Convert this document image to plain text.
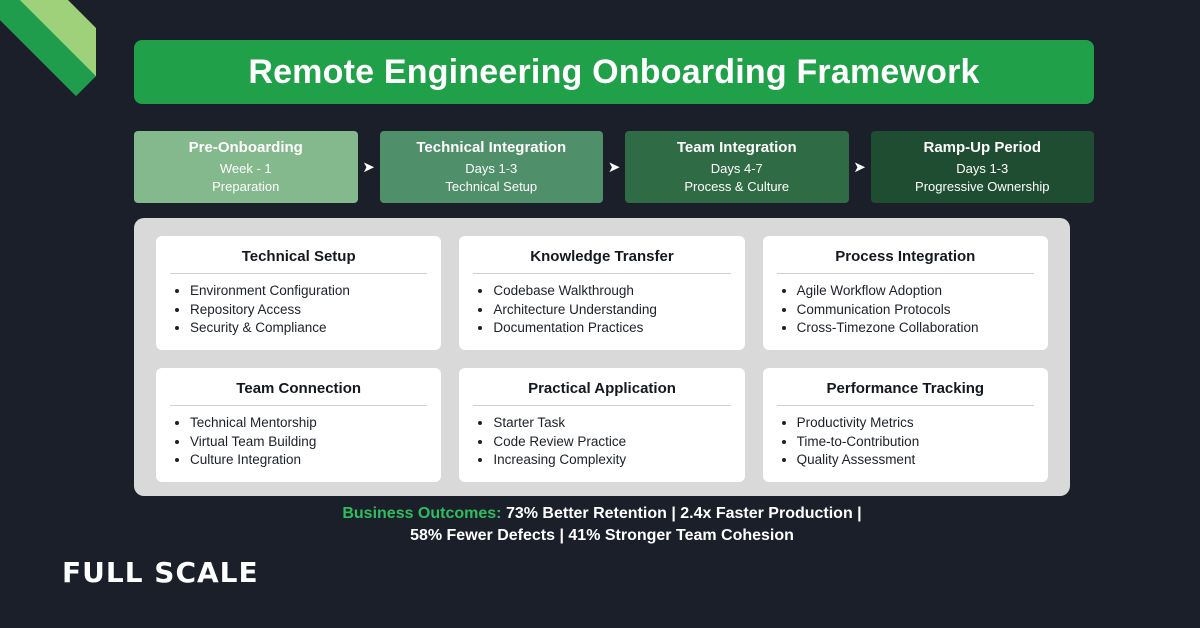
Remote Engineering Onboarding Framework
Pre-Onboarding
Week - 1
Preparation
➤
Technical Integration
Days 1-3
Technical Setup
➤
Team Integration
Days 4-7
Process & Culture
➤
Ramp-Up Period
Days 1-3
Progressive Ownership
Technical Setup
• Environment Configuration
• Repository Access
• Security & Compliance
Knowledge Transfer
• Codebase Walkthrough
• Architecture Understanding
• Documentation Practices
Process Integration
• Agile Workflow Adoption
• Communication Protocols
• Cross-Timezone Collaboration
Team Connection
• Technical Mentorship
• Virtual Team Building
• Culture Integration
Practical Application
• Starter Task
• Code Review Practice
• Increasing Complexity
Performance Tracking
• Productivity Metrics
• Time-to-Contribution
• Quality Assessment
Business Outcomes: 73% Better Retention | 2.4x Faster Production |
58% Fewer Defects | 41% Stronger Team Cohesion
FULL SCALE
